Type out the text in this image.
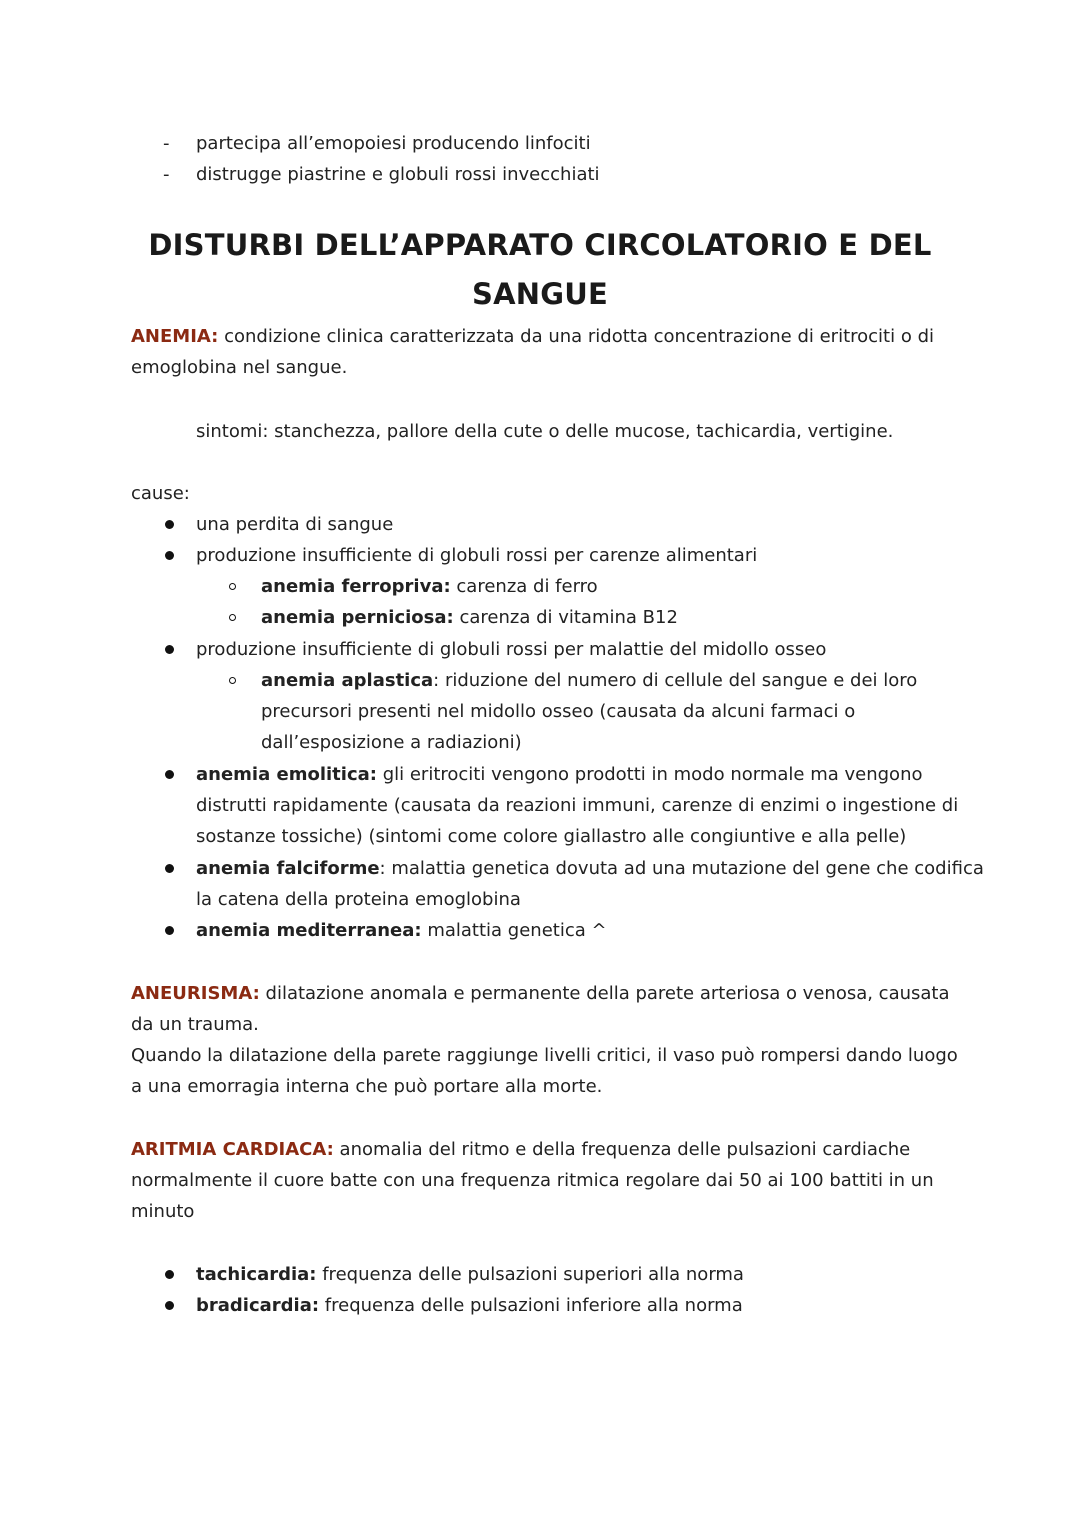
- partecipa all’emopoiesi producendo linfociti
- distrugge piastrine e globuli rossi invecchiati
DISTURBI DELL’APPARATO CIRCOLATORIO E DEL
SANGUE
ANEMIA: condizione clinica caratterizzata da una ridotta concentrazione di eritrociti o di
emoglobina nel sangue.
sintomi: stanchezza, pallore della cute o delle mucose, tachicardia, vertigine.
cause:
una perdita di sangue
produzione insufficiente di globuli rossi per carenze alimentari
anemia ferropriva: carenza di ferro
anemia perniciosa: carenza di vitamina B12
produzione insufficiente di globuli rossi per malattie del midollo osseo
anemia aplastica: riduzione del numero di cellule del sangue e dei loro
precursori presenti nel midollo osseo (causata da alcuni farmaci o
dall’esposizione a radiazioni)
anemia emolitica: gli eritrociti vengono prodotti in modo normale ma vengono
distrutti rapidamente (causata da reazioni immuni, carenze di enzimi o ingestione di
sostanze tossiche) (sintomi come colore giallastro alle congiuntive e alla pelle)
anemia falciforme: malattia genetica dovuta ad una mutazione del gene che codifica
la catena della proteina emoglobina
anemia mediterranea: malattia genetica ^
ANEURISMA: dilatazione anomala e permanente della parete arteriosa o venosa, causata
da un trauma.
Quando la dilatazione della parete raggiunge livelli critici, il vaso può rompersi dando luogo
a una emorragia interna che può portare alla morte.
ARITMIA CARDIACA: anomalia del ritmo e della frequenza delle pulsazioni cardiache
normalmente il cuore batte con una frequenza ritmica regolare dai 50 ai 100 battiti in un
minuto
tachicardia: frequenza delle pulsazioni superiori alla norma
bradicardia: frequenza delle pulsazioni inferiore alla norma
